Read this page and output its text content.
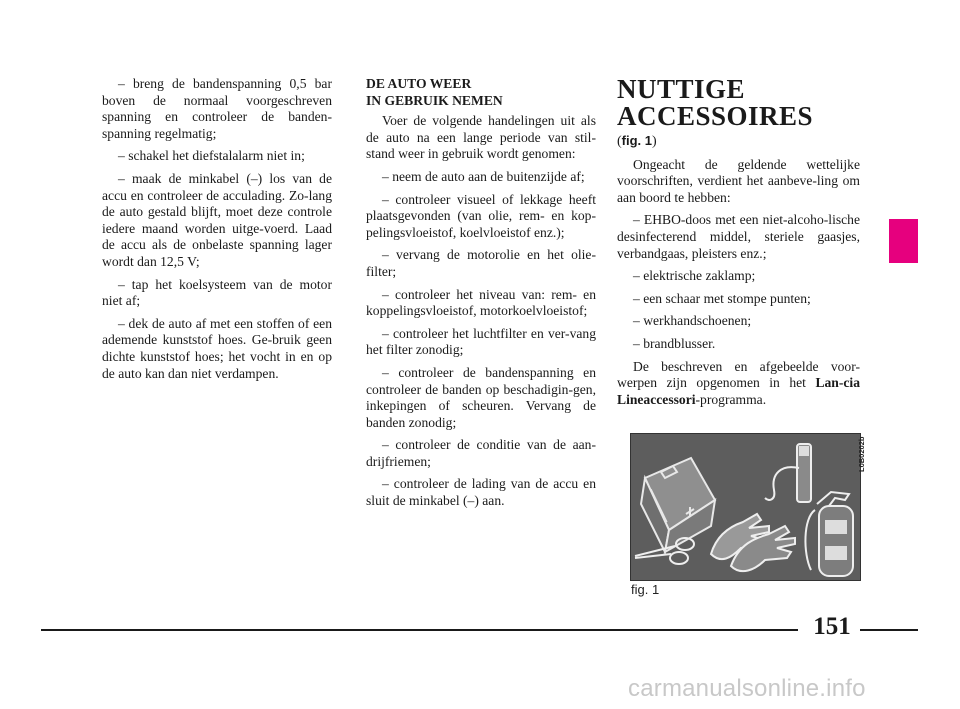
– breng de bandenspanning 0,5 bar boven de normaal voorgeschreven spanning en controleer de banden-spanning regelmatig;

– schakel het diefstalalarm niet in;

– maak de minkabel (–) los van de accu en controleer de acculading. Zo-lang de auto gestald blijft, moet deze controle iedere maand worden uitge-voerd. Laad de accu als de onbelaste spanning lager wordt dan 12,5 V;

– tap het koelsysteem van de motor niet af;

– dek de auto af met een stoffen of een ademende kunststof hoes. Ge-bruik geen dichte kunststof hoes; het vocht in en op de auto kan dan niet verdampen.

DE AUTO WEER
IN GEBRUIK NEMEN

Voer de volgende handelingen uit als de auto na een lange periode van stil-stand weer in gebruik wordt genomen:

– neem de auto aan de buitenzijde af;

– controleer visueel of lekkage heeft plaatsgevonden (van olie, rem- en kop-pelingsvloeistof, koelvloeistof enz.);

– vervang de motorolie en het olie-filter;

– controleer het niveau van: rem- en koppelingsvloeistof, motorkoelvloeistof;

– controleer het luchtfilter en ver-vang het filter zonodig;

– controleer de bandenspanning en controleer de banden op beschadigin-gen, inkepingen of scheuren. Vervang de banden zonodig;

– controleer de conditie van de aan-drijfriemen;

– controleer de lading van de accu en sluit de minkabel (–) aan.

NUTTIGE
ACCESSOIRES

(fig. 1)

Ongeacht de geldende wettelijke voorschriften, verdient het aanbeve-ling om aan boord te hebben:

– EHBO-doos met een niet-alcoho-lische desinfecterend middel, steriele gaasjes, verbandgaas, pleisters enz.;

– elektrische zaklamp;

– een schaar met stompe punten;

– werkhandschoenen;

– brandblusser.

De beschreven en afgebeelde voor-werpen zijn opgenomen in het Lan-cia Lineaccessori-programma.

L0B0202b
fig. 1
151
carmanualsonline.info
